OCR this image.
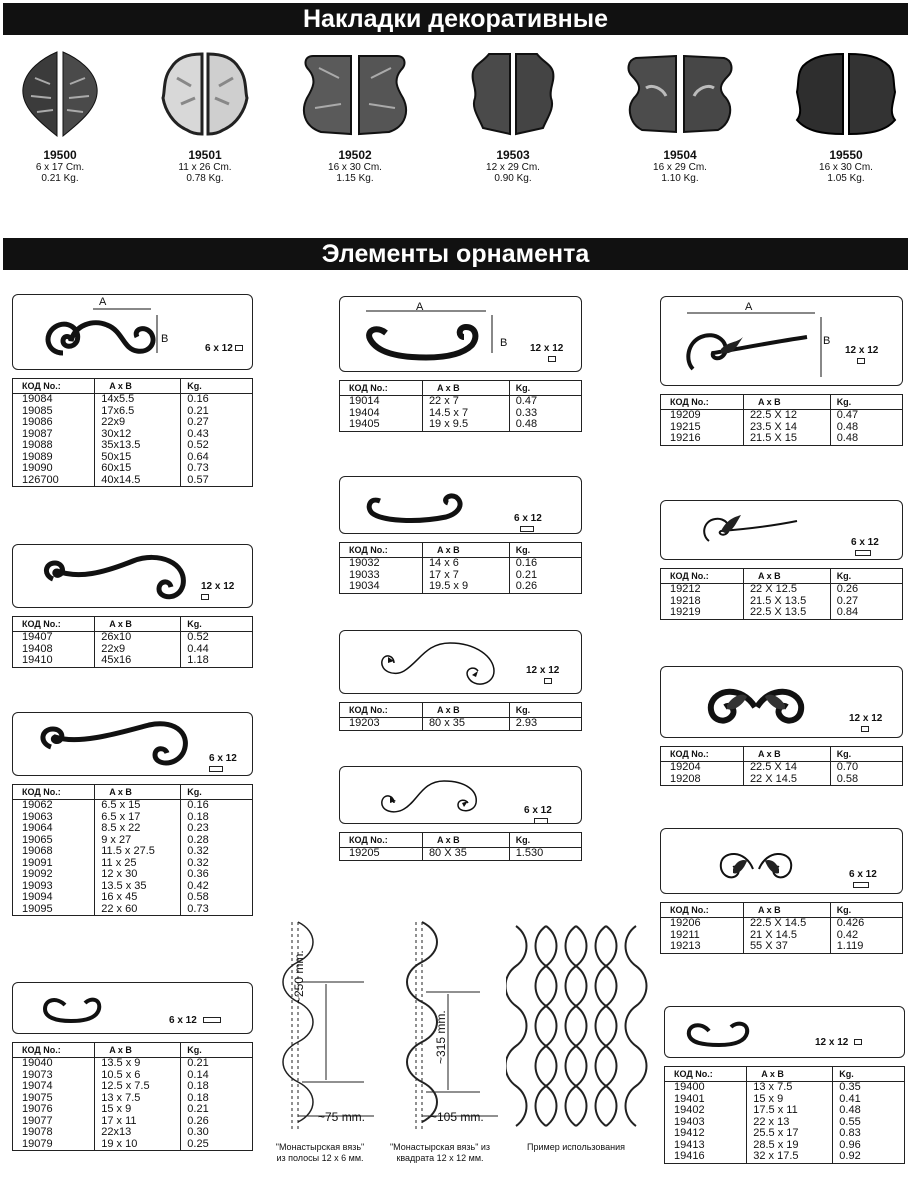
Накладки декоративные
19500
6 x 17 Cm.
0.21 Kg.
19501
11 x 26 Cm.
0.78 Kg.
19502
16 x 30 Cm.
1.15 Kg.
19503
12 x 29 Cm.
0.90 Kg.
19504
16 x 29 Cm.
1.10 Kg.
19550
16 x 30 Cm.
1.05 Kg.
Элементы орнамента
A
B
6 x 12
КОД No.:	A x B	Kg.
19084	14x5.5	0.16
19085	17x6.5	0.21
19086	22x9	0.27
19087	30x12	0.43
19088	35x13.5	0.52
19089	50x15	0.64
19090	60x15	0.73
126700	40x14.5	0.57
12 x 12

КОД No.:	A x B	Kg.
19407	26x10	0.52
19408	22x9	0.44
19410	45x16	1.18
6 x 12

КОД No.:	A x B	Kg.
19062	6.5 x 15	0.16
19063	6.5 x 17	0.18
19064	8.5 x 22	0.23
19065	9 x 27	0.28
19068	11.5 x 27.5	0.32
19091	11 x 25	0.32
19092	12 x 30	0.36
19093	13.5 x 35	0.42
19094	16 x 45	0.58
19095	22 x 60	0.73
6 x 12
КОД No.:	A x B	Kg.
19040	13.5 x 9	0.21
19073	10.5 x 6	0.14
19074	12.5 x 7.5	0.18
19075	13 x 7.5	0.18
19076	15 x 9	0.21
19077	17 x 11	0.26
19078	22x13	0.30
19079	19 x 10	0.25
A
B 12 x 12

КОД No.:	A x B	Kg.
19014	22 x 7	0.47
19404	14.5 x 7	0.33
19405	19 x 9.5	0.48
6 x 12

КОД No.:	A x B	Kg.
19032	14 x 6	0.16
19033	17 x 7	0.21
19034	19.5 x 9	0.26
12 x 12

КОД No.:	A x B	Kg.
19203	80 x 35	2.93
6 x 12

КОД No.:	A x B	Kg.
19205	80 X 35	1.530
A
B
12 x 12

КОД No.:	A x B	Kg.
19209	22.5 X 12	0.47
19215	23.5 X 14	0.48
19216	21.5 X 15	0.48
6 x 12

КОД No.:	A x B	Kg.
19212	22 X 12.5	0.26
19218	21.5 X 13.5	0.27
19219	22.5 X 13.5	0.84
12 x 12

КОД No.:	A x B	Kg.
19204	22.5 X 14	0.70
19208	22 X 14.5	0.58
6 x 12

КОД No.:	A x B	Kg.
19206	22.5 X 14.5	0.426
19211	21 X 14.5	0.42
19213	55 X 37	1.119
12 x 12
КОД No.:	A x B	Kg.
19400	13 x 7.5	0.35
19401	15 x 9	0.41
19402	17.5 x 11	0.48
19403	22 x 13	0.55
19412	25.5 x 17	0.83
19413	28.5 x 19	0.96
19416	32 x 17.5	0.92
~250 mm.
~75 mm.
"Монастырская вязь" из полосы 12 х 6 мм.
~315 mm.
~105 mm.
"Монастырская вязь" из квадрата 12 х 12 мм.
Пример использования
